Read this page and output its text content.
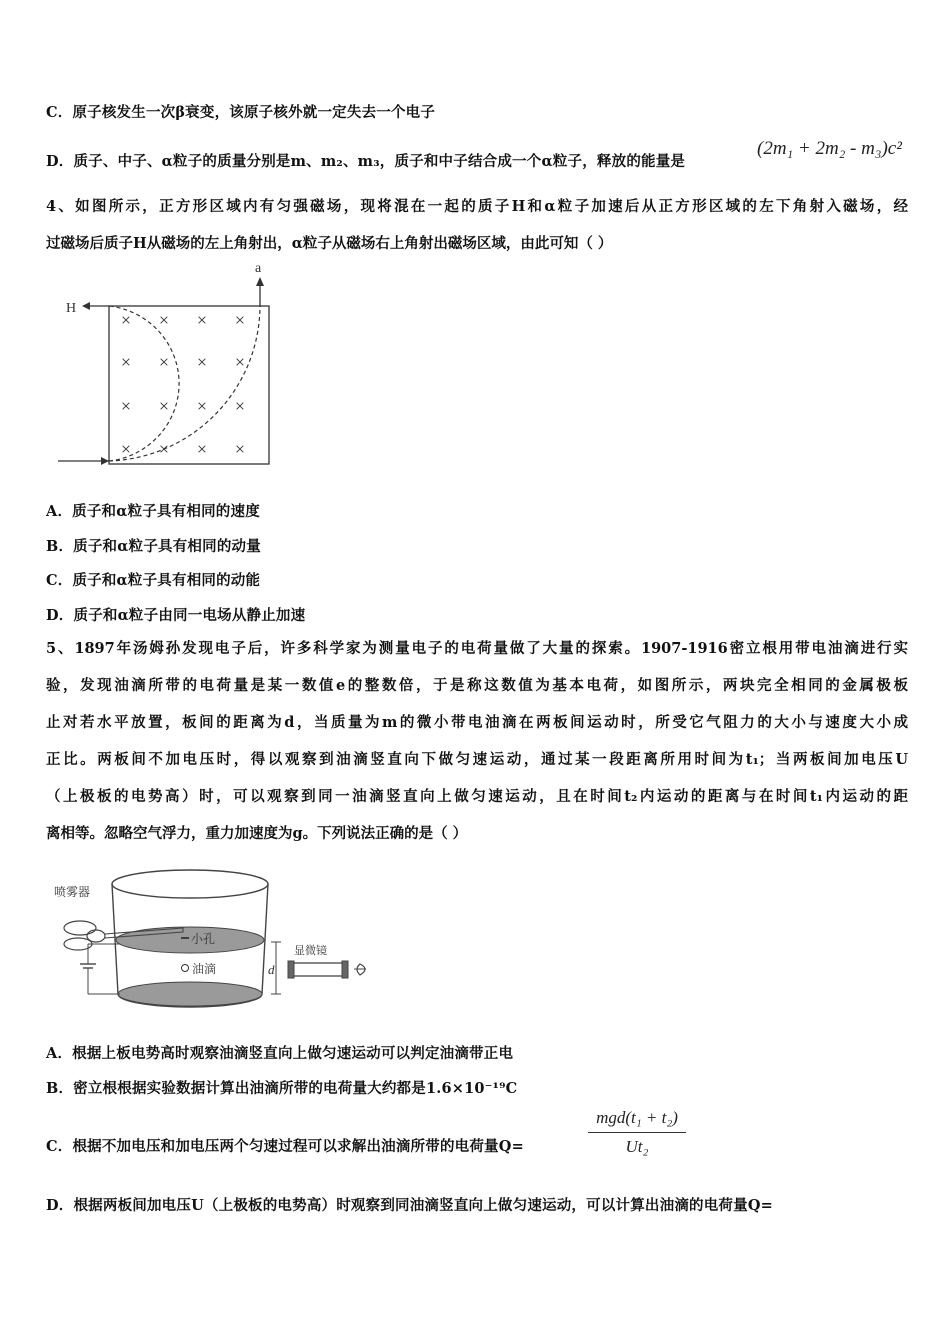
C．原子核发生一次β衰变，该原子核外就一定失去一个电子
D．质子、中子、α粒子的质量分别是m、m₂、m₃，质子和中子结合成一个α粒子，释放的能量是
(2m₁ + 2m₂ - m₃)c²
4、如图所示，正方形区域内有匀强磁场，现将混在一起的质子H和α粒子加速后从正方形区域的左下角射入磁场，经
过磁场后质子H从磁场的左上角射出，α粒子从磁场右上角射出磁场区域，由此可知（ ）
H
a
× × × ×
× × × ×
× × × ×
× × × ×
A．质子和α粒子具有相同的速度
B．质子和α粒子具有相同的动量
C．质子和α粒子具有相同的动能
D．质子和α粒子由同一电场从静止加速
5、1897年汤姆孙发现电子后，许多科学家为测量电子的电荷量做了大量的探索。1907-1916密立根用带电油滴进行实
验，发现油滴所带的电荷量是某一数值e的整数倍，于是称这数值为基本电荷，如图所示，两块完全相同的金属极板
止对若水平放置，板间的距离为d，当质量为m的微小带电油滴在两板间运动时，所受它气阻力的大小与速度大小成
正比。两板间不加电压时，得以观察到油滴竖直向下做匀速运动，通过某一段距离所用时间为t₁；当两板间加电压U
（上极板的电势高）时，可以观察到同一油滴竖直向上做匀速运动，且在时间t₂内运动的距离与在时间t₁内运动的距
离相等。忽略空气浮力，重力加速度为g。下列说法正确的是（ ）
小孔
油滴
喷雾器
d
显微镜
A．根据上板电势高时观察油滴竖直向上做匀速运动可以判定油滴带正电
B．密立根根据实验数据计算出油滴所带的电荷量大约都是1.6×10⁻¹⁹C
C．根据不加电压和加电压两个匀速过程可以求解出油滴所带的电荷量Q=
mgd(t₁ + t₂)
Ut₂
D．根据两板间加电压U（上极板的电势高）时观察到同油滴竖直向上做匀速运动，可以计算出油滴的电荷量Q=
